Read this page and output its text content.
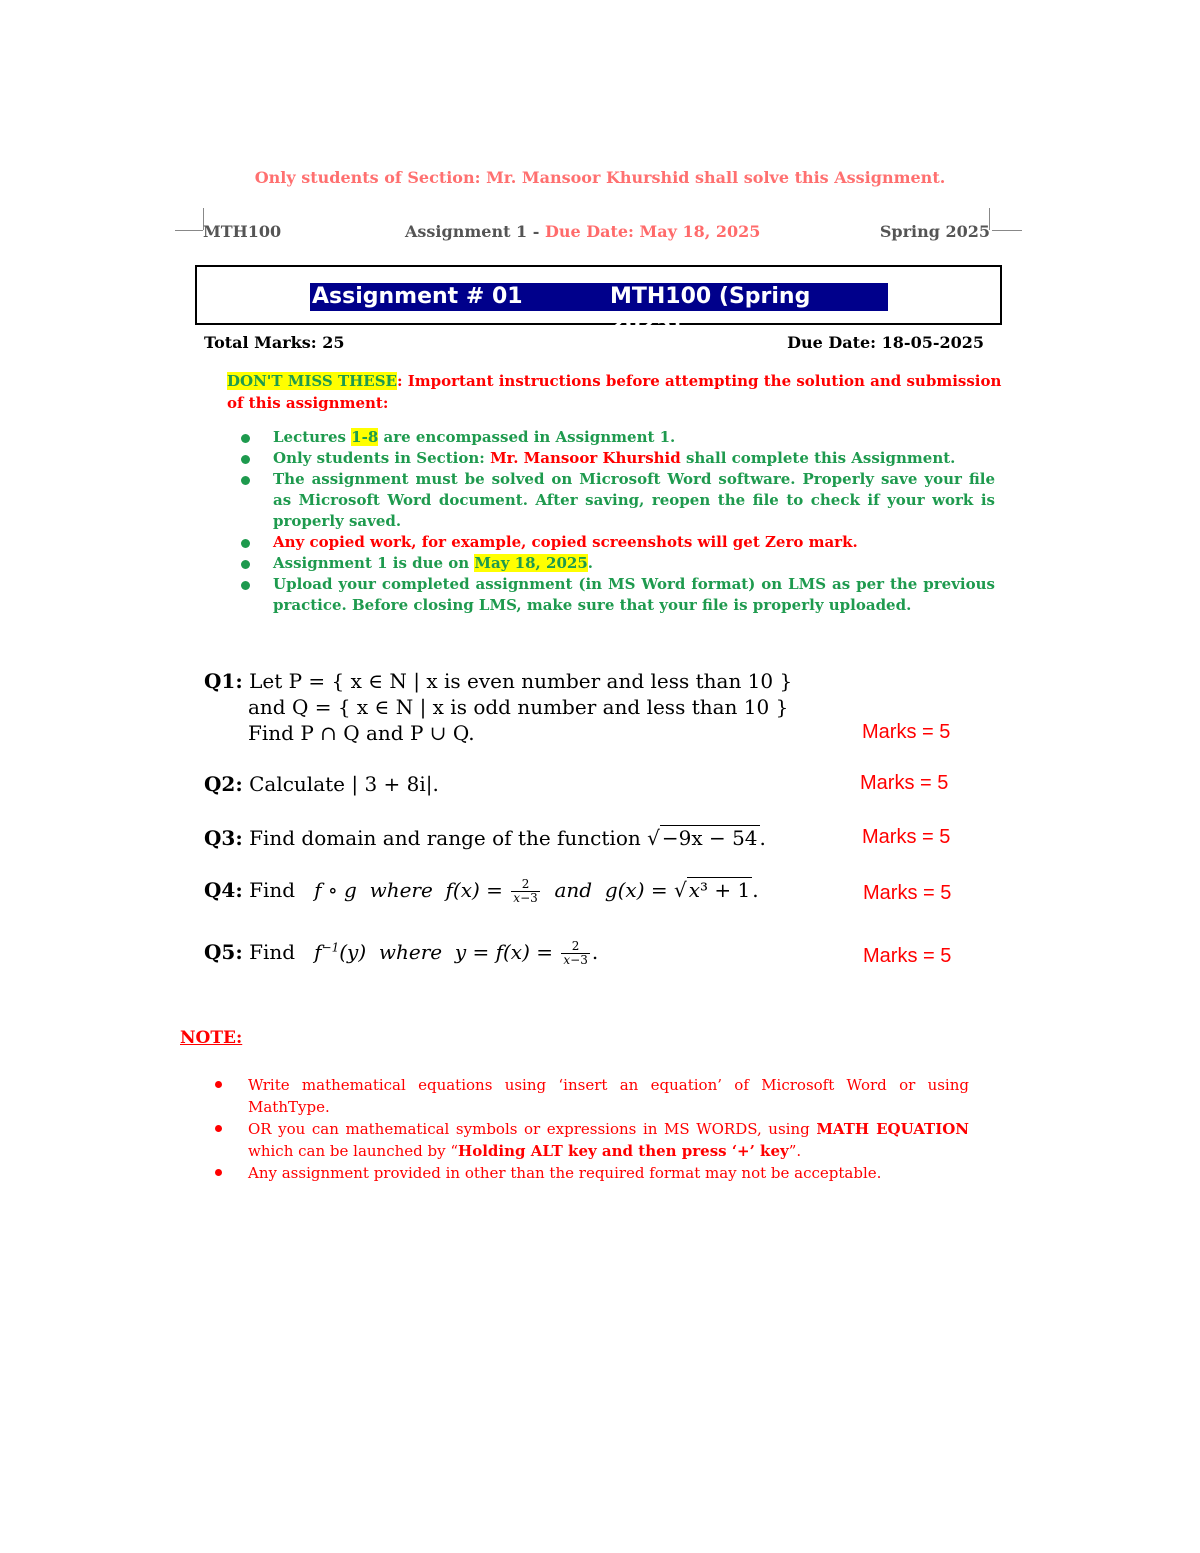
Only students of Section: Mr. Mansoor Khurshid shall solve this Assignment.
MTH100	Assignment 1 - Due Date: May 18, 2025	Spring 2025
Assignment # 01	MTH100 (Spring 2025)
Total Marks: 25	Due Date: 18-05-2025
DON'T MISS THESE: Important instructions before attempting the solution and submission of this assignment:
Lectures 1-8 are encompassed in Assignment 1.
Only students in Section: Mr. Mansoor Khurshid shall complete this Assignment.
The assignment must be solved on Microsoft Word software. Properly save your file as Microsoft Word document. After saving, reopen the file to check if your work is properly saved.
Any copied work, for example, copied screenshots will get Zero mark.
Assignment 1 is due on May 18, 2025.
Upload your completed assignment (in MS Word format) on LMS as per the previous practice. Before closing LMS, make sure that your file is properly uploaded.
Q1: Let P = { x ∈ N | x is even number and less than 10 }
and Q = { x ∈ N | x is odd number and less than 10 }
Find P ∩ Q and P ∪ Q.	Marks = 5
Q2: Calculate | 3 + 8i|.	Marks = 5
Q3: Find domain and range of the function √ −9x − 54 .	Marks = 5
Q4: Find   f ∘ g  where  $f(x) = \frac{2}{x-3}$ and  g(x) = √ x³ + 1 .	Marks = 5
Q5: Find   $f^{-1}(y)$  where  $y = f(x) = \frac{2}{x-3}$ .	Marks = 5
NOTE:
Write mathematical equations using ‘insert an equation’ of Microsoft Word or using MathType.
OR you can mathematical symbols or expressions in MS WORDS, using MATH EQUATION which can be launched by “Holding ALT key and then press ‘+’ key”.
Any assignment provided in other than the required format may not be acceptable.
